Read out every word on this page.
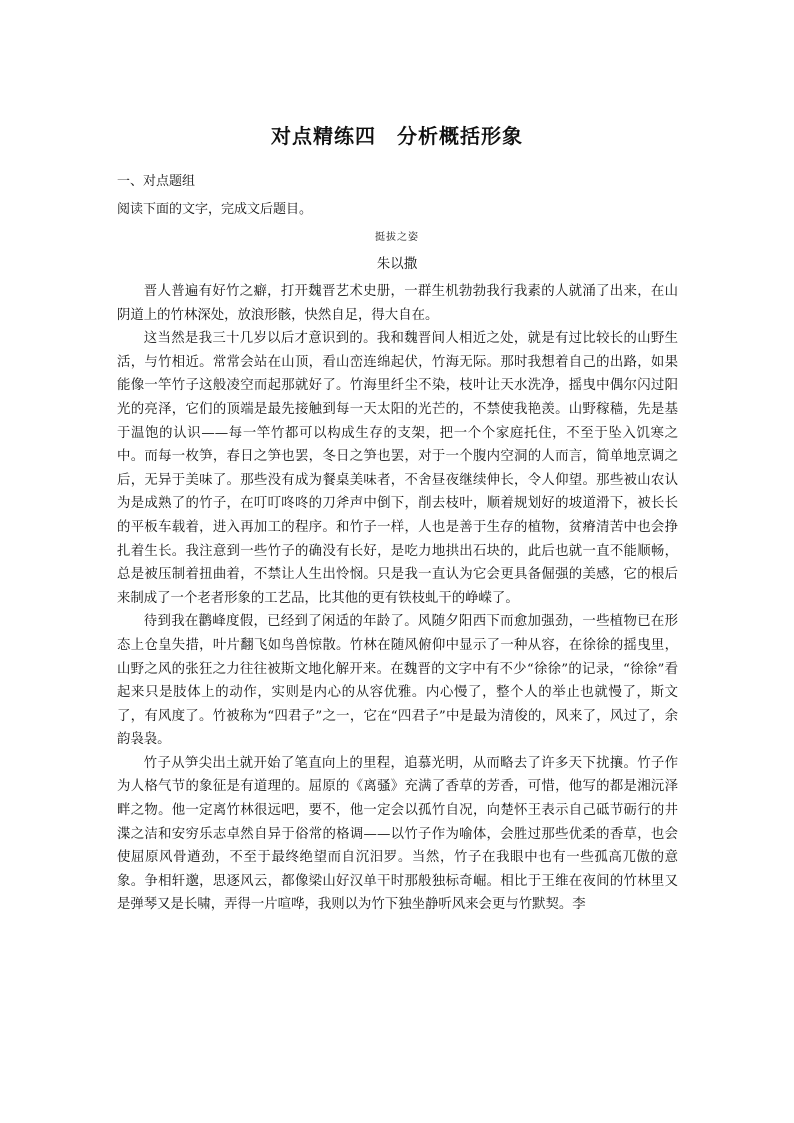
对点精练四　分析概括形象
一、对点题组
阅读下面的文字，完成文后题目。
挺拔之姿
朱以撒

晋人普遍有好竹之癖，打开魏晋艺术史册，一群生机勃勃我行我素的人就涌了出来，在山阴道上的竹林深处，放浪形骸，快然自足，得大自在。

这当然是我三十几岁以后才意识到的。我和魏晋间人相近之处，就是有过比较长的山野生活，与竹相近。常常会站在山顶，看山峦连绵起伏，竹海无际。那时我想着自己的出路，如果能像一竿竹子这般凌空而起那就好了。竹海里纤尘不染，枝叶让天水洗净，摇曳中偶尔闪过阳光的亮泽，它们的顶端是最先接触到每一天太阳的光芒的，不禁使我艳羡。山野稼穑，先是基于温饱的认识——每一竿竹都可以构成生存的支架，把一个个家庭托住，不至于坠入饥寒之中。而每一枚笋，春日之笋也罢，冬日之笋也罢，对于一个腹内空洞的人而言，简单地烹调之后，无异于美味了。那些没有成为餐桌美味者，不舍昼夜继续伸长，令人仰望。那些被山农认为是成熟了的竹子，在叮叮咚咚的刀斧声中倒下，削去枝叶，顺着规划好的坡道滑下，被长长的平板车载着，进入再加工的程序。和竹子一样，人也是善于生存的植物，贫瘠清苦中也会挣扎着生长。我注意到一些竹子的确没有长好，是吃力地拱出石块的，此后也就一直不能顺畅，总是被压制着扭曲着，不禁让人生出怜悯。只是我一直认为它会更具备倔强的美感，它的根后来制成了一个老者形象的工艺品，比其他的更有铁枝虬干的峥嵘了。

待到我在鹳峰度假，已经到了闲适的年龄了。风随夕阳西下而愈加强劲，一些植物已在形态上仓皇失措，叶片翻飞如鸟兽惊散。竹林在随风俯仰中显示了一种从容，在徐徐的摇曳里，山野之风的张狂之力往往被斯文地化解开来。在魏晋的文字中有不少“徐徐”的记录，“徐徐”看起来只是肢体上的动作，实则是内心的从容优雅。内心慢了，整个人的举止也就慢了，斯文了，有风度了。竹被称为“四君子”之一，它在“四君子”中是最为清俊的，风来了，风过了，余韵袅袅。

竹子从笋尖出土就开始了笔直向上的里程，追慕光明，从而略去了许多天下扰攘。竹子作为人格气节的象征是有道理的。屈原的《离骚》充满了香草的芳香，可惜，他写的都是湘沅泽畔之物。他一定离竹林很远吧，要不，他一定会以孤竹自况，向楚怀王表示自己砥节砺行的井渫之洁和安穷乐志卓然自异于俗常的格调——以竹子作为喻体，会胜过那些优柔的香草，也会使屈原风骨遒劲，不至于最终绝望而自沉汨罗。当然，竹子在我眼中也有一些孤高兀傲的意象。争相轩邈，思逐风云，都像梁山好汉单干时那般独标奇崛。相比于王维在夜间的竹林里又是弹琴又是长啸，弄得一片喧哗，我则以为竹下独坐静听风来会更与竹默契。李
